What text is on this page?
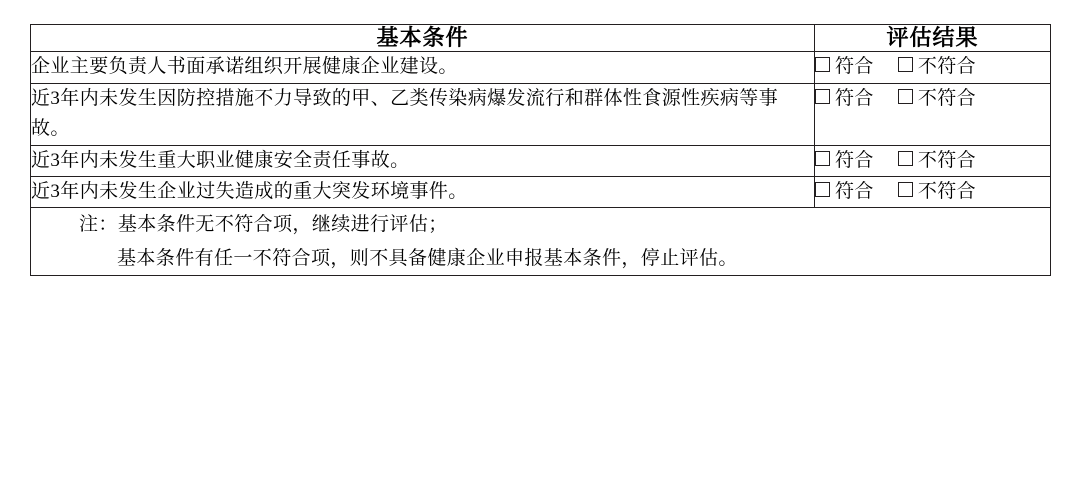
基本条件	评估结果
企业主要负责人书面承诺组织开展健康企业建设。	符合 不符合
近3年内未发生因防控措施不力导致的甲、乙类传染病爆发流行和群体性食源性疾病等事故。	符合 不符合
近3年内未发生重大职业健康安全责任事故。	符合 不符合
近3年内未发生企业过失造成的重大突发环境事件。	符合 不符合

注：基本条件无不符合项，继续进行评估；
基本条件有任一不符合项，则不具备健康企业申报基本条件，停止评估。	
